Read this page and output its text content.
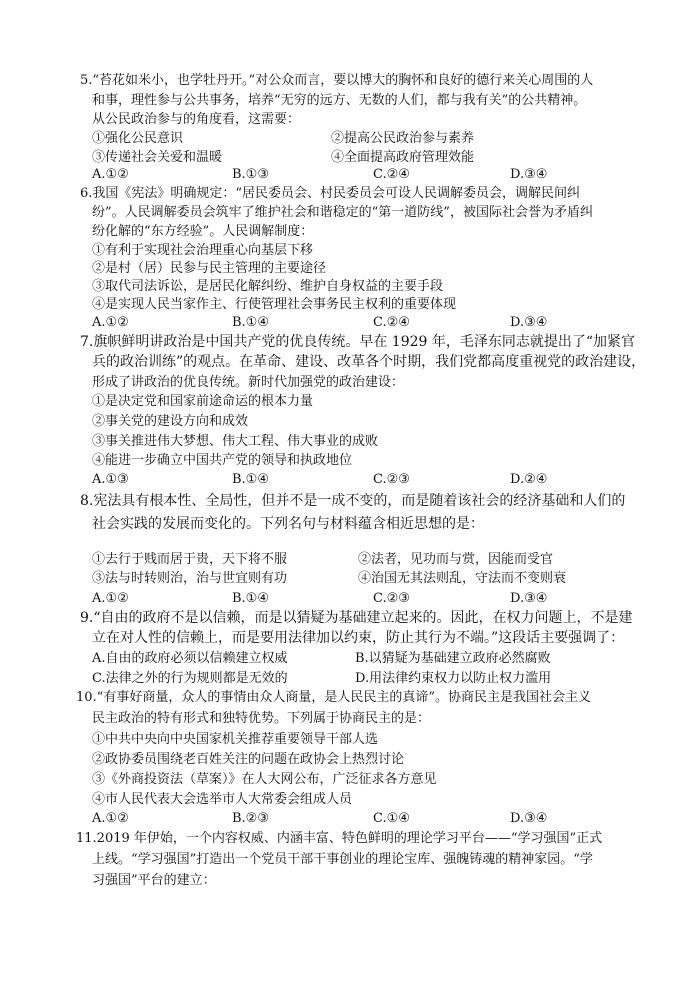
5.“苔花如米小，也学牡丹开。”对公众而言，要以博大的胸怀和良好的德行来关心周围的人
和事，理性参与公共事务，培养“无穷的远方、无数的人们，都与我有关”的公共精神。
从公民政治参与的角度看，这需要：
①强化公民意识	②提高公民政治参与素养
③传递社会关爱和温暖	④全面提高政府管理效能
A.①②	B.①③	C.②④	D.③④
6.我国《宪法》明确规定：“居民委员会、村民委员会可设人民调解委员会，调解民间纠
纷”。人民调解委员会筑牢了维护社会和谐稳定的“第一道防线”，被国际社会誉为矛盾纠
纷化解的“东方经验”。人民调解制度：
①有利于实现社会治理重心向基层下移
②是村（居）民参与民主管理的主要途径
③取代司法诉讼，是居民化解纠纷、维护自身权益的主要手段
④是实现人民当家作主、行使管理社会事务民主权利的重要体现
A.①②	B.①④	C.②④	D.③④
7.旗帜鲜明讲政治是中国共产党的优良传统。早在 1929 年，毛泽东同志就提出了“加紧官
兵的政治训练”的观点。在革命、建设、改革各个时期，我们党都高度重视党的政治建设，
形成了讲政治的优良传统。新时代加强党的政治建设：
①是决定党和国家前途命运的根本力量
②事关党的建设方向和成效
③事关推进伟大梦想、伟大工程、伟大事业的成败
④能进一步确立中国共产党的领导和执政地位
A.①③	B.①④	C.②③	D.②④
8.宪法具有根本性、全局性，但并不是一成不变的，而是随着该社会的经济基础和人们的
社会实践的发展而变化的。下列名句与材料蕴含相近思想的是：
①去行于贱而居于贵，天下将不服	②法者，见功而与赏，因能而受官
③法与时转则治，治与世宜则有功	④治国无其法则乱，守法而不变则衰
A.①②	B.①④	C.②③	D.③④
9.“自由的政府不是以信赖，而是以猜疑为基础建立起来的。因此，在权力问题上，不是建
立在对人性的信赖上，而是要用法律加以约束，防止其行为不端。”这段话主要强调了：
A.自由的政府必须以信赖建立权威	B.以猜疑为基础建立政府必然腐败
C.法律之外的行为规则都是无效的	D.用法律约束权力以防止权力滥用
10.“有事好商量，众人的事情由众人商量，是人民民主的真谛”。协商民主是我国社会主义
民主政治的特有形式和独特优势。下列属于协商民主的是：
①中共中央向中央国家机关推荐重要领导干部人选
②政协委员围绕老百姓关注的问题在政协会上热烈讨论
③《外商投资法（草案）》在人大网公布，广泛征求各方意见
④市人民代表大会选举市人大常委会组成人员
A.①②	B.②③	C.①④	D.③④
11.2019 年伊始，一个内容权威、内涵丰富、特色鲜明的理论学习平台——“学习强国”正式
上线。“学习强国”打造出一个党员干部干事创业的理论宝库、强魄铸魂的精神家园。“学
习强国”平台的建立：
